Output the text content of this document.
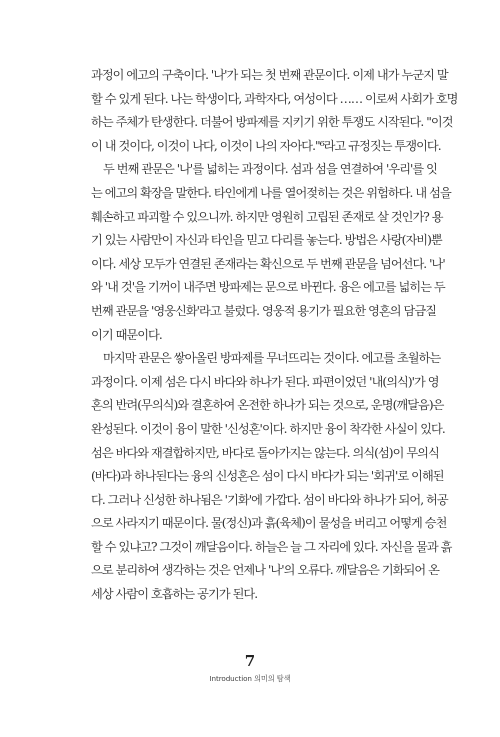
과정이 에고의 구축이다. '나'가 되는 첫 번째 관문이다. 이제 내가 누군지 말
할 수 있게 된다. 나는 학생이다, 과학자다, 여성이다 …… 이로써 사회가 호명
하는 주체가 탄생한다. 더불어 방파제를 지키기 위한 투쟁도 시작된다. "이것
이 내 것이다, 이것이 나다, 이것이 나의 자아다."⁶라고 규정짓는 투쟁이다.
두 번째 관문은 '나'를 넓히는 과정이다. 섬과 섬을 연결하여 '우리'를 잇
는 에고의 확장을 말한다. 타인에게 나를 열어젖히는 것은 위험하다. 내 섬을
훼손하고 파괴할 수 있으니까. 하지만 영원히 고립된 존재로 살 것인가? 용
기 있는 사람만이 자신과 타인을 믿고 다리를 놓는다. 방법은 사랑(자비)뿐
이다. 세상 모두가 연결된 존재라는 확신으로 두 번째 관문을 넘어선다. '나'
와 '내 것'을 기꺼이 내주면 방파제는 문으로 바뀐다. 융은 에고를 넓히는 두
번째 관문을 '영웅신화'라고 불렀다. 영웅적 용기가 필요한 영혼의 담금질
이기 때문이다.
마지막 관문은 쌓아올린 방파제를 무너뜨리는 것이다. 에고를 초월하는
과정이다. 이제 섬은 다시 바다와 하나가 된다. 파편이었던 '내(의식)'가 영
혼의 반려(무의식)와 결혼하여 온전한 하나가 되는 것으로, 운명(깨달음)은
완성된다. 이것이 융이 말한 '신성혼'이다. 하지만 융이 착각한 사실이 있다.
섬은 바다와 재결합하지만, 바다로 돌아가지는 않는다. 의식(섬)이 무의식
(바다)과 하나된다는 융의 신성혼은 섬이 다시 바다가 되는 '회귀'로 이해된
다. 그러나 신성한 하나됨은 '기화'에 가깝다. 섬이 바다와 하나가 되어, 허공
으로 사라지기 때문이다. 물(정신)과 흙(육체)이 물성을 버리고 어떻게 승천
할 수 있냐고? 그것이 깨달음이다. 하늘은 늘 그 자리에 있다. 자신을 물과 흙
으로 분리하여 생각하는 것은 언제나 '나'의 오류다. 깨달음은 기화되어 온
세상 사람이 호흡하는 공기가 된다.
7
Introduction 의미의 탐색
